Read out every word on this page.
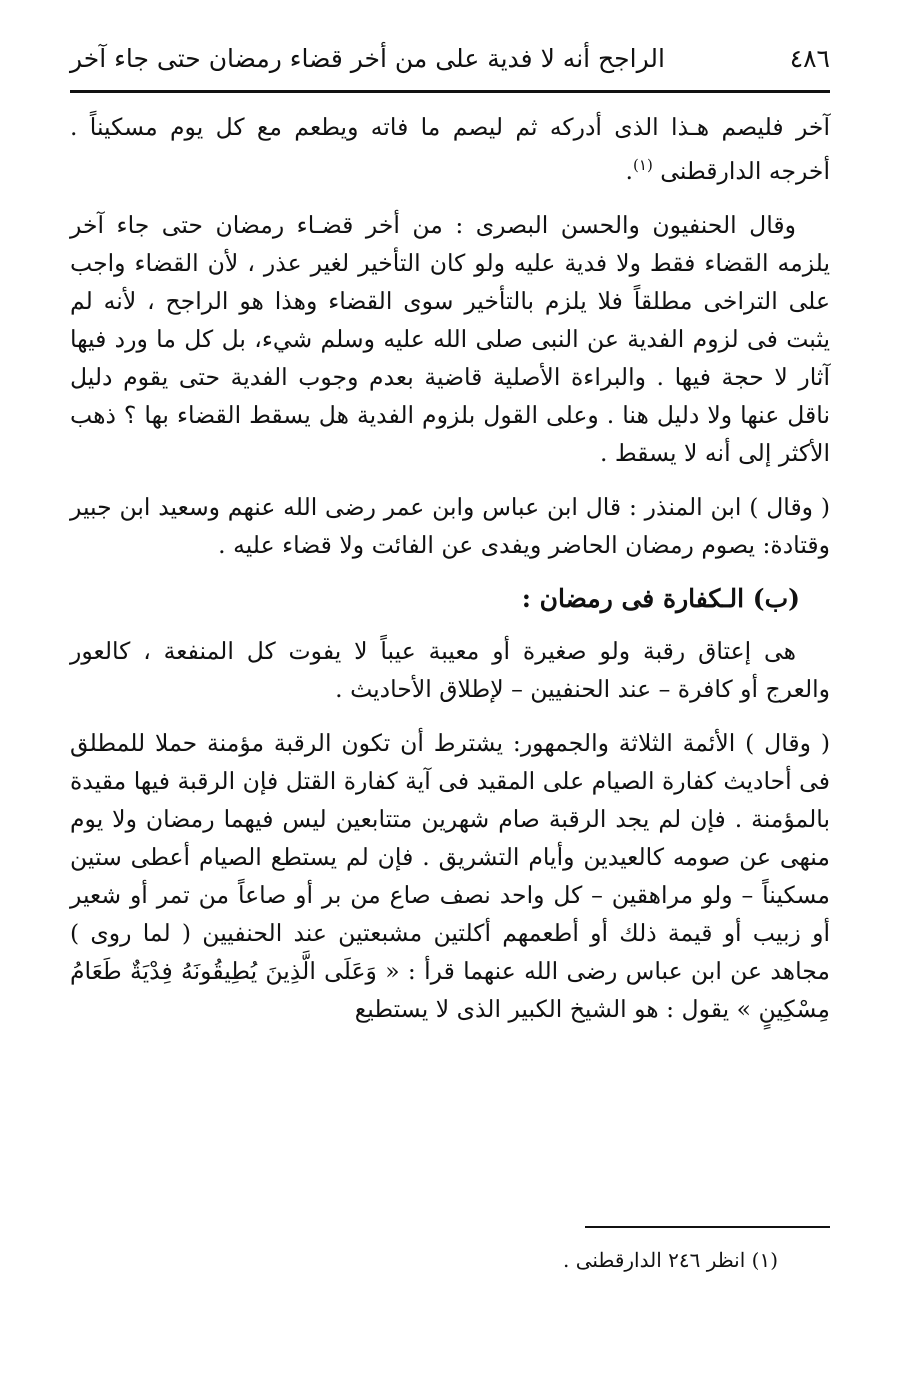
٤٨٦
الراجح أنه لا فدية على من أخر قضاء رمضان حتى جاء آخر

آخر فليصم هـذا الذى أدركه ثم ليصم ما فاته ويطعم مع كل يوم مسكيناً . أخرجه الدارقطنى $^{(١)}$.

وقال الحنفيون والحسن البصرى : من أخر قضـاء رمضان حتى جاء آخر يلزمه القضاء فقط ولا فدية عليه ولو كان التأخير لغير عذر ، لأن القضاء واجب على التراخى مطلقاً فلا يلزم بالتأخير سوى القضاء وهذا هو الراجح ، لأنه لم يثبت فى لزوم الفدية عن النبى صلى الله عليه وسلم شيء، بل كل ما ورد فيها آثار لا حجة فيها . والبراءة الأصلية قاضية بعدم وجوب الفدية حتى يقوم دليل ناقل عنها ولا دليل هنا . وعلى القول بلزوم الفدية هل يسقط القضاء بها ؟ ذهب الأكثر إلى أنه لا يسقط .

( وقال ) ابن المنذر : قال ابن عباس وابن عمر رضى الله عنهم وسعيد ابن جبير وقتادة: يصوم رمضان الحاضر ويفدى عن الفائت ولا قضاء عليه .

(ب) الـكفارة فى رمضان :

هى إعتاق رقبة ولو صغيرة أو معيبة عيباً لا يفوت كل المنفعة ، كالعور والعرج أو كافرة – عند الحنفيين – لإطلاق الأحاديث .

( وقال ) الأئمة الثلاثة والجمهور: يشترط أن تكون الرقبة مؤمنة حملا للمطلق فى أحاديث كفارة الصيام على المقيد فى آية كفارة القتل فإن الرقبة فيها مقيدة بالمؤمنة . فإن لم يجد الرقبة صام شهرين متتابعين ليس فيهما رمضان ولا يوم منهى عن صومه كالعيدين وأيام التشريق . فإن لم يستطع الصيام أعطى ستين مسكيناً – ولو مراهقين – كل واحد نصف صاع من بر أو صاعاً من تمر أو شعير أو زبيب أو قيمة ذلك أو أطعمهم أكلتين مشبعتين عند الحنفيين ( لما روى ) مجاهد عن ابن عباس رضى الله عنهما قرأ : « وَعَلَى الَّذِينَ يُطِيقُونَهُ فِدْيَةٌ طَعَامُ مِسْكِينٍ » يقول : هو الشيخ الكبير الذى لا يستطيع

(١) انظر ٢٤٦ الدارقطنى .
